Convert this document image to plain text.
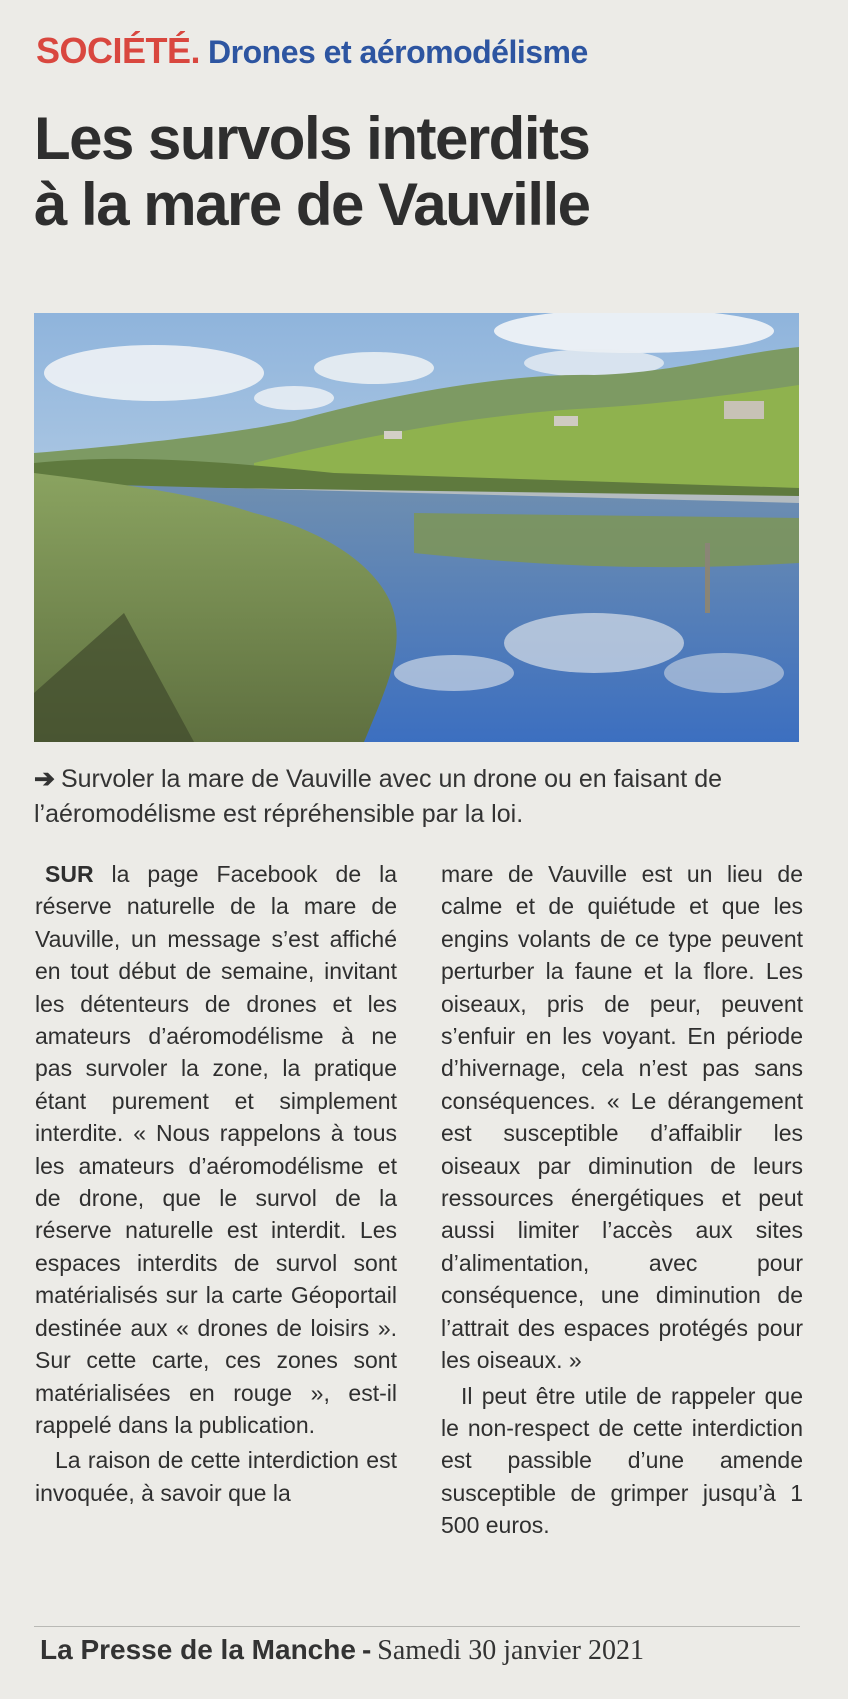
SOCIÉTÉ. Drones et aéromodélisme
Les survols interdits
à la mare de Vauville
➔ Survoler la mare de Vauville avec un drone ou en faisant de l’aéromodélisme est répréhensible par la loi.

SUR la page Facebook de la réserve naturelle de la mare de Vauville, un message s’est affiché en tout début de semaine, invitant les détenteurs de drones et les amateurs d’aéromodélisme à ne pas survoler la zone, la pratique étant purement et simplement interdite. « Nous rappelons à tous les amateurs d’aéromodélisme et de drone, que le survol de la réserve naturelle est interdit. Les espaces interdits de survol sont matérialisés sur la carte Géoportail destinée aux « drones de loisirs ». Sur cette carte, ces zones sont matérialisées en rouge », est-il rappelé dans la publication.

La raison de cette interdiction est invoquée, à savoir que la

mare de Vauville est un lieu de calme et de quiétude et que les engins volants de ce type peuvent perturber la faune et la flore. Les oiseaux, pris de peur, peuvent s’enfuir en les voyant. En période d’hivernage, cela n’est pas sans conséquences. « Le dérangement est susceptible d’affaiblir les oiseaux par diminution de leurs ressources énergétiques et peut aussi limiter l’accès aux sites d’alimentation, avec pour conséquence, une diminution de l’attrait des espaces protégés pour les oiseaux. »

Il peut être utile de rappeler que le non-respect de cette interdiction est passible d’une amende susceptible de grimper jusqu’à 1 500 euros.

La Presse de la Manche - Samedi 30 janvier 2021
